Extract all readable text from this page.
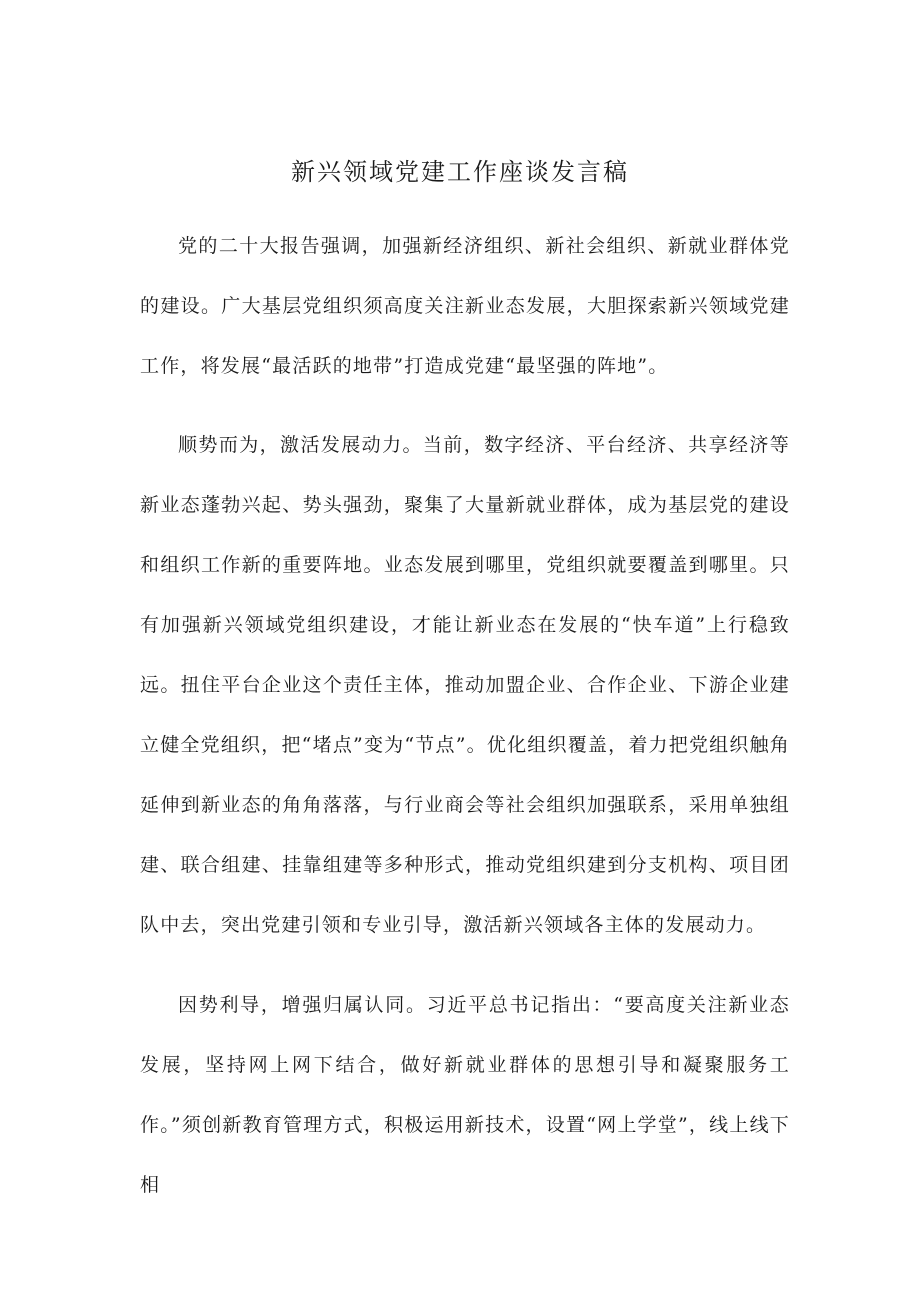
新兴领域党建工作座谈发言稿

党的二十大报告强调，加强新经济组织、新社会组织、新就业群体党的建设。广大基层党组织须高度关注新业态发展，大胆探索新兴领域党建工作，将发展“最活跃的地带”打造成党建“最坚强的阵地”。

顺势而为，激活发展动力。当前，数字经济、平台经济、共享经济等新业态蓬勃兴起、势头强劲，聚集了大量新就业群体，成为基层党的建设和组织工作新的重要阵地。业态发展到哪里，党组织就要覆盖到哪里。只有加强新兴领域党组织建设，才能让新业态在发展的“快车道”上行稳致远。扭住平台企业这个责任主体，推动加盟企业、合作企业、下游企业建立健全党组织，把“堵点”变为“节点”。优化组织覆盖，着力把党组织触角延伸到新业态的角角落落，与行业商会等社会组织加强联系，采用单独组建、联合组建、挂靠组建等多种形式，推动党组织建到分支机构、项目团队中去，突出党建引领和专业引导，激活新兴领域各主体的发展动力。

因势利导，增强归属认同。习近平总书记指出：“要高度关注新业态发展，坚持网上网下结合，做好新就业群体的思想引导和凝聚服务工作。”须创新教育管理方式，积极运用新技术，设置“网上学堂”，线上线下相
